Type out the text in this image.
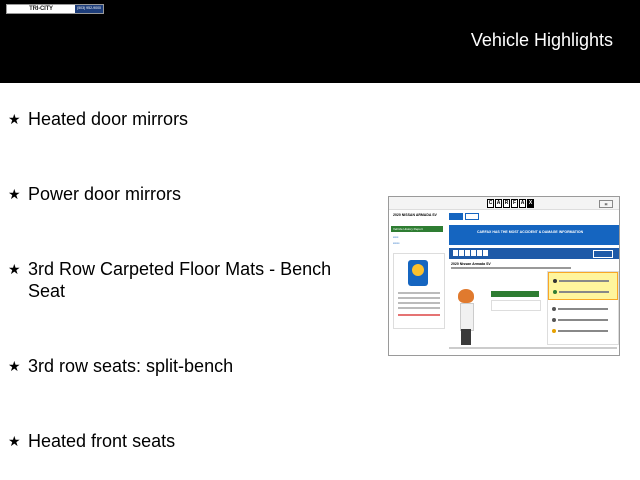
TRI-CITY	(503) 952-9000
Vehicle Highlights
★ Heated door mirrors
★ Power door mirrors
★ 3rd Row Carpeted Floor Mats - Bench Seat
★ 3rd row seats: split-bench
★ Heated front seats
C A R F A X	▤
2020 NISSAN ARMADA SV
Vehicle History Report
▪▪▪▪▪
▪▪▪▪▪▪
CARFAX HAS THE MOST ACCIDENT & DAMAGE INFORMATION
2020 Nissan Armada SV
